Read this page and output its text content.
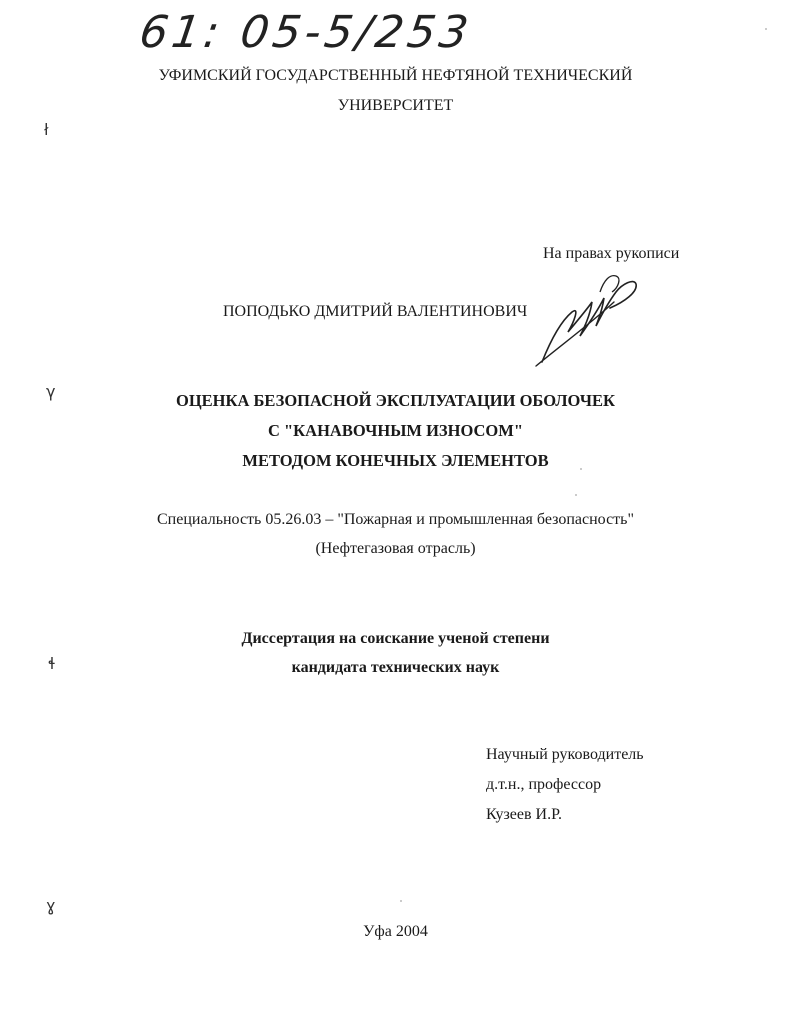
61: 05-5/253
УФИМСКИЙ ГОСУДАРСТВЕННЫЙ НЕФТЯНОЙ ТЕХНИЧЕСКИЙ
УНИВЕРСИТЕТ
ł
γ
ɬ
ɣ
На правах рукописи
ПОПОДЬКО ДМИТРИЙ ВАЛЕНТИНОВИЧ
ОЦЕНКА БЕЗОПАСНОЙ ЭКСПЛУАТАЦИИ ОБОЛОЧЕК
С "КАНАВОЧНЫМ ИЗНОСОМ"
МЕТОДОМ КОНЕЧНЫХ ЭЛЕМЕНТОВ
Специальность 05.26.03 – "Пожарная и промышленная безопасность"
(Нефтегазовая отрасль)
Диссертация на соискание ученой степени
кандидата технических наук
Научный руководитель
д.т.н., профессор
Кузеев И.Р.
Уфа 2004
